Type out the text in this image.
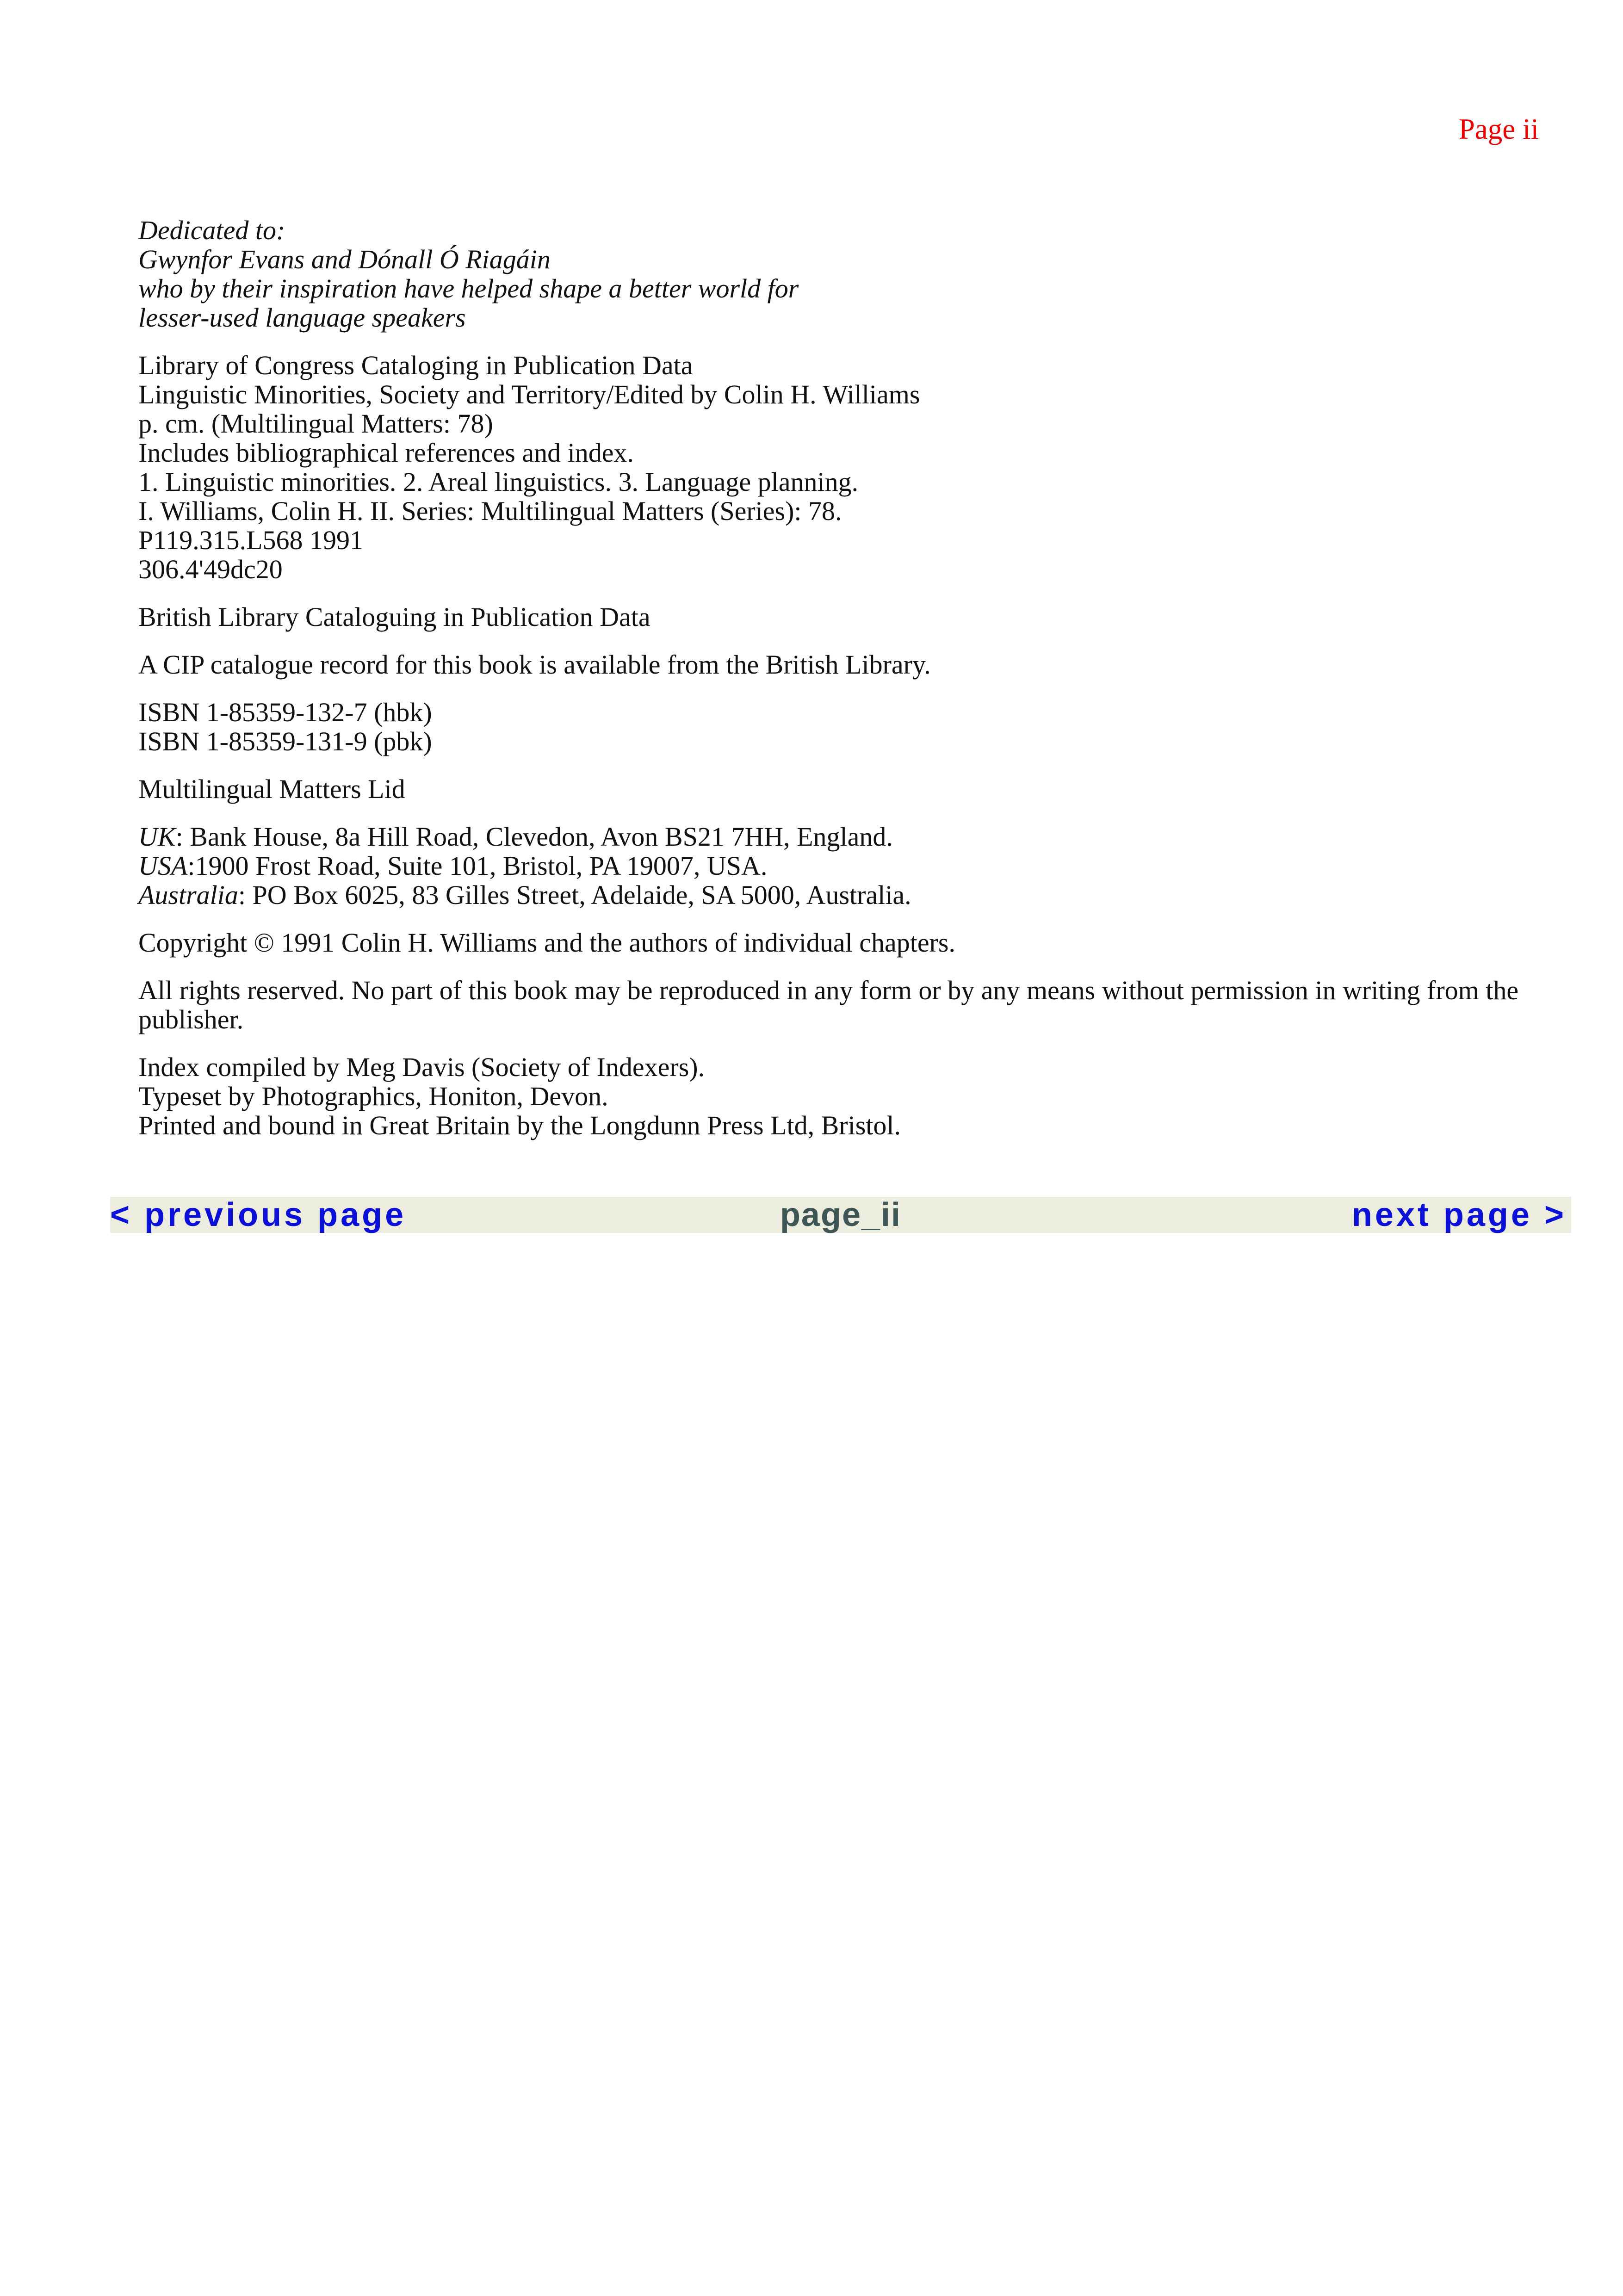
Page ii
Dedicated to:
Gwynfor Evans and Dónall Ó Riagáin
who by their inspiration have helped shape a better world for
lesser-used language speakers
Library of Congress Cataloging in Publication Data
Linguistic Minorities, Society and Territory/Edited by Colin H. Williams
p. cm. (Multilingual Matters: 78)
Includes bibliographical references and index.
1. Linguistic minorities. 2. Areal linguistics. 3. Language planning.
I. Williams, Colin H. II. Series: Multilingual Matters (Series): 78.
P119.315.L568 1991
306.4'49dc20
British Library Cataloguing in Publication Data
A CIP catalogue record for this book is available from the British Library.
ISBN 1-85359-132-7 (hbk)
ISBN 1-85359-131-9 (pbk)
Multilingual Matters Lid
UK: Bank House, 8a Hill Road, Clevedon, Avon BS21 7HH, England.
USA:1900 Frost Road, Suite 101, Bristol, PA 19007, USA.
Australia: PO Box 6025, 83 Gilles Street, Adelaide, SA 5000, Australia.
Copyright © 1991 Colin H. Williams and the authors of individual chapters.
All rights reserved. No part of this book may be reproduced in any form or by any means without permission in writing from the publisher.
Index compiled by Meg Davis (Society of Indexers).
Typeset by Photographics, Honiton, Devon.
Printed and bound in Great Britain by the Longdunn Press Ltd, Bristol.
< previous page	page_ii	next page >
